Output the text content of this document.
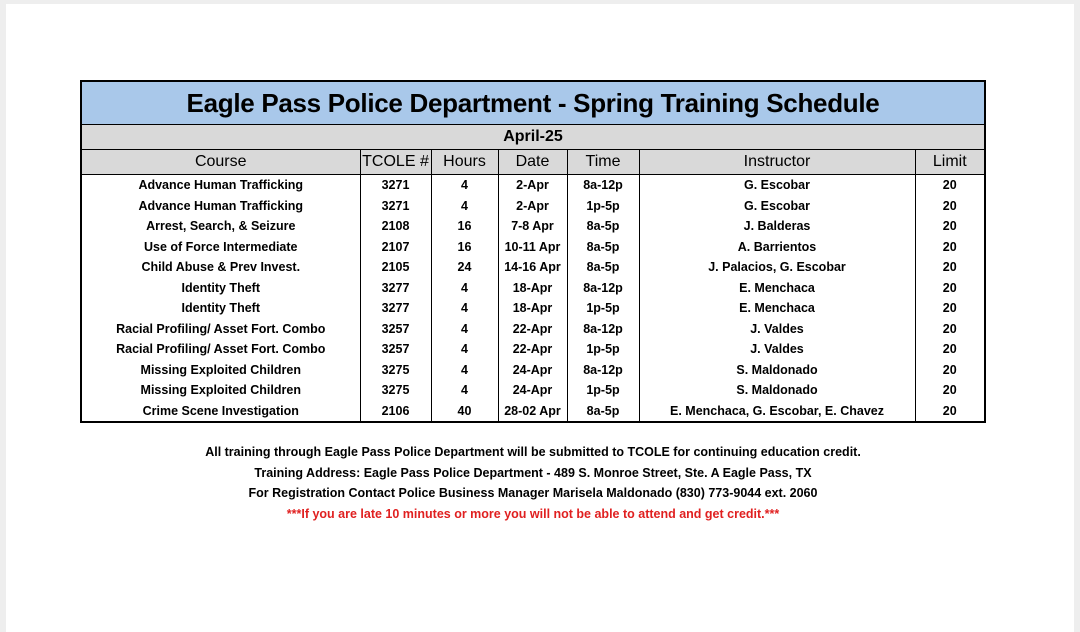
Eagle Pass Police Department - Spring Training Schedule
April-25
Course	TCOLE #	Hours	Date	Time	Instructor	Limit
Advance Human Trafficking	3271	4	2-Apr	8a-12p	G. Escobar	20
Advance Human Trafficking	3271	4	2-Apr	1p-5p	G. Escobar	20
Arrest, Search, & Seizure	2108	16	7-8 Apr	8a-5p	J. Balderas	20
Use of Force Intermediate	2107	16	10-11 Apr	8a-5p	A. Barrientos	20
Child Abuse & Prev Invest.	2105	24	14-16 Apr	8a-5p	J. Palacios, G. Escobar	20
Identity Theft	3277	4	18-Apr	8a-12p	E. Menchaca	20
Identity Theft	3277	4	18-Apr	1p-5p	E. Menchaca	20
Racial Profiling/ Asset Fort. Combo	3257	4	22-Apr	8a-12p	J. Valdes	20
Racial Profiling/ Asset Fort. Combo	3257	4	22-Apr	1p-5p	J. Valdes	20
Missing Exploited Children	3275	4	24-Apr	8a-12p	S. Maldonado	20
Missing Exploited Children	3275	4	24-Apr	1p-5p	S. Maldonado	20
Crime Scene Investigation	2106	40	28-02 Apr	8a-5p	E. Menchaca, G. Escobar, E. Chavez	20
All training through Eagle Pass Police Department will be submitted to TCOLE for continuing education credit.
Training Address: Eagle Pass Police Department - 489 S. Monroe Street, Ste. A Eagle Pass, TX
For Registration Contact Police Business Manager Marisela Maldonado (830) 773-9044 ext. 2060
***If you are late 10 minutes or more you will not be able to attend and get credit.***
